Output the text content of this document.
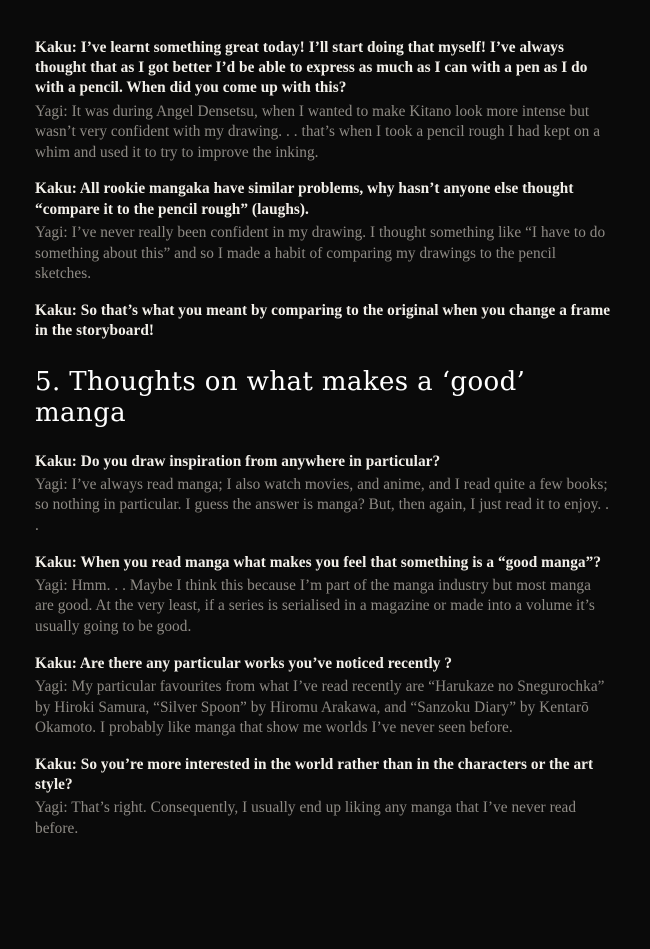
Kaku: I’ve learnt something great today! I’ll start doing that myself! I’ve always thought that as I got better I’d be able to express as much as I can with a pen as I do with a pencil. When did you come up with this?

Yagi: It was during Angel Densetsu, when I wanted to make Kitano look more intense but wasn’t very confident with my drawing. . . that’s when I took a pencil rough I had kept on a whim and used it to try to improve the inking.

Kaku: All rookie mangaka have similar problems, why hasn’t anyone else thought “compare it to the pencil rough” (laughs).

Yagi: I’ve never really been confident in my drawing. I thought something like “I have to do something about this” and so I made a habit of comparing my drawings to the pencil sketches.

Kaku: So that’s what you meant by comparing to the original when you change a frame in the storyboard!

5. Thoughts on what makes a ‘good’ manga

Kaku: Do you draw inspiration from anywhere in particular?

Yagi: I’ve always read manga; I also watch movies, and anime, and I read quite a few books; so nothing in particular. I guess the answer is manga? But, then again, I just read it to enjoy. . .

Kaku: When you read manga what makes you feel that something is a “good manga”?

Yagi: Hmm. . . Maybe I think this because I’m part of the manga industry but most manga are good. At the very least, if a series is serialised in a magazine or made into a volume it’s usually going to be good.

Kaku: Are there any particular works you’ve noticed recently ?

Yagi: My particular favourites from what I’ve read recently are “Harukaze no Snegurochka” by Hiroki Samura, “Silver Spoon” by Hiromu Arakawa, and “Sanzoku Diary” by Kentarō Okamoto. I probably like manga that show me worlds I’ve never seen before.

Kaku: So you’re more interested in the world rather than in the characters or the art style?

Yagi: That’s right. Consequently, I usually end up liking any manga that I’ve never read before.
